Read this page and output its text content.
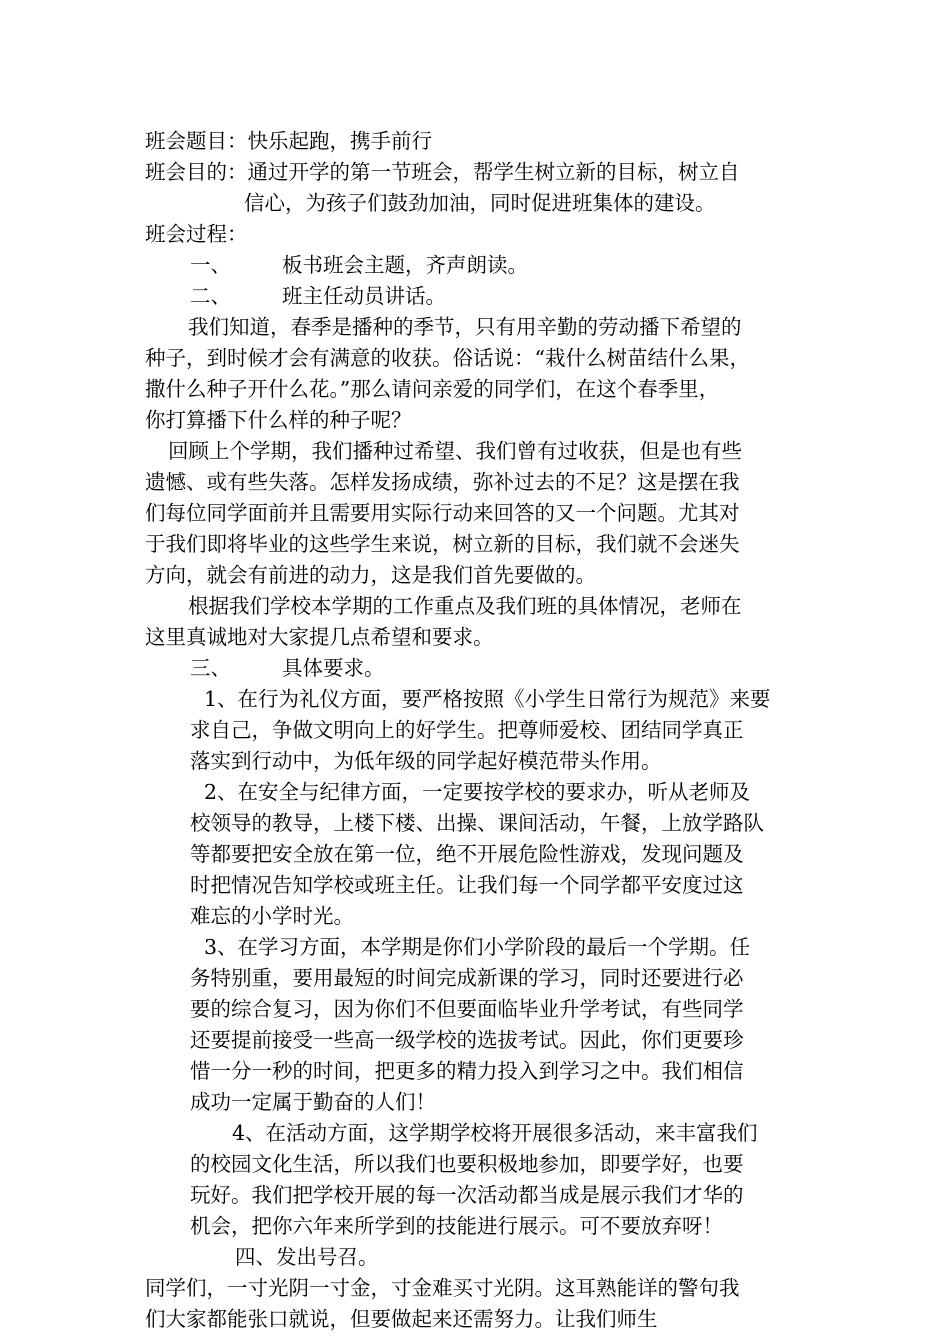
班会题目：快乐起跑，携手前行
班会目的：通过开学的第一节班会，帮学生树立新的目标，树立自
信心，为孩子们鼓劲加油，同时促进班集体的建设。
班会过程：
一、 板书班会主题，齐声朗读。
二、 班主任动员讲话。
我们知道，春季是播种的季节，只有用辛勤的劳动播下希望的
种子，到时候才会有满意的收获。俗话说：“栽什么树苗结什么果，
撒什么种子开什么花。”那么请问亲爱的同学们，在这个春季里，
你打算播下什么样的种子呢？
回顾上个学期，我们播种过希望、我们曾有过收获，但是也有些
遗憾、或有些失落。怎样发扬成绩，弥补过去的不足？这是摆在我
们每位同学面前并且需要用实际行动来回答的又一个问题。尤其对
于我们即将毕业的这些学生来说，树立新的目标，我们就不会迷失
方向，就会有前进的动力，这是我们首先要做的。
根据我们学校本学期的工作重点及我们班的具体情况，老师在
这里真诚地对大家提几点希望和要求。
三、 具体要求。
1、在行为礼仪方面，要严格按照《小学生日常行为规范》来要
求自己，争做文明向上的好学生。把尊师爱校、团结同学真正
落实到行动中，为低年级的同学起好模范带头作用。
2、在安全与纪律方面，一定要按学校的要求办，听从老师及
校领导的教导，上楼下楼、出操、课间活动，午餐，上放学路队
等都要把安全放在第一位，绝不开展危险性游戏，发现问题及
时把情况告知学校或班主任。让我们每一个同学都平安度过这
难忘的小学时光。
3、在学习方面，本学期是你们小学阶段的最后一个学期。任
务特别重，要用最短的时间完成新课的学习，同时还要进行必
要的综合复习，因为你们不但要面临毕业升学考试，有些同学
还要提前接受一些高一级学校的选拔考试。因此，你们更要珍
惜一分一秒的时间，把更多的精力投入到学习之中。我们相信
成功一定属于勤奋的人们！
4、在活动方面，这学期学校将开展很多活动，来丰富我们
的校园文化生活，所以我们也要积极地参加，即要学好，也要
玩好。我们把学校开展的每一次活动都当成是展示我们才华的
机会，把你六年来所学到的技能进行展示。可不要放弃呀！
四、发出号召。
同学们，一寸光阴一寸金，寸金难买寸光阴。这耳熟能详的警句我
们大家都能张口就说，但要做起来还需努力。让我们师生
